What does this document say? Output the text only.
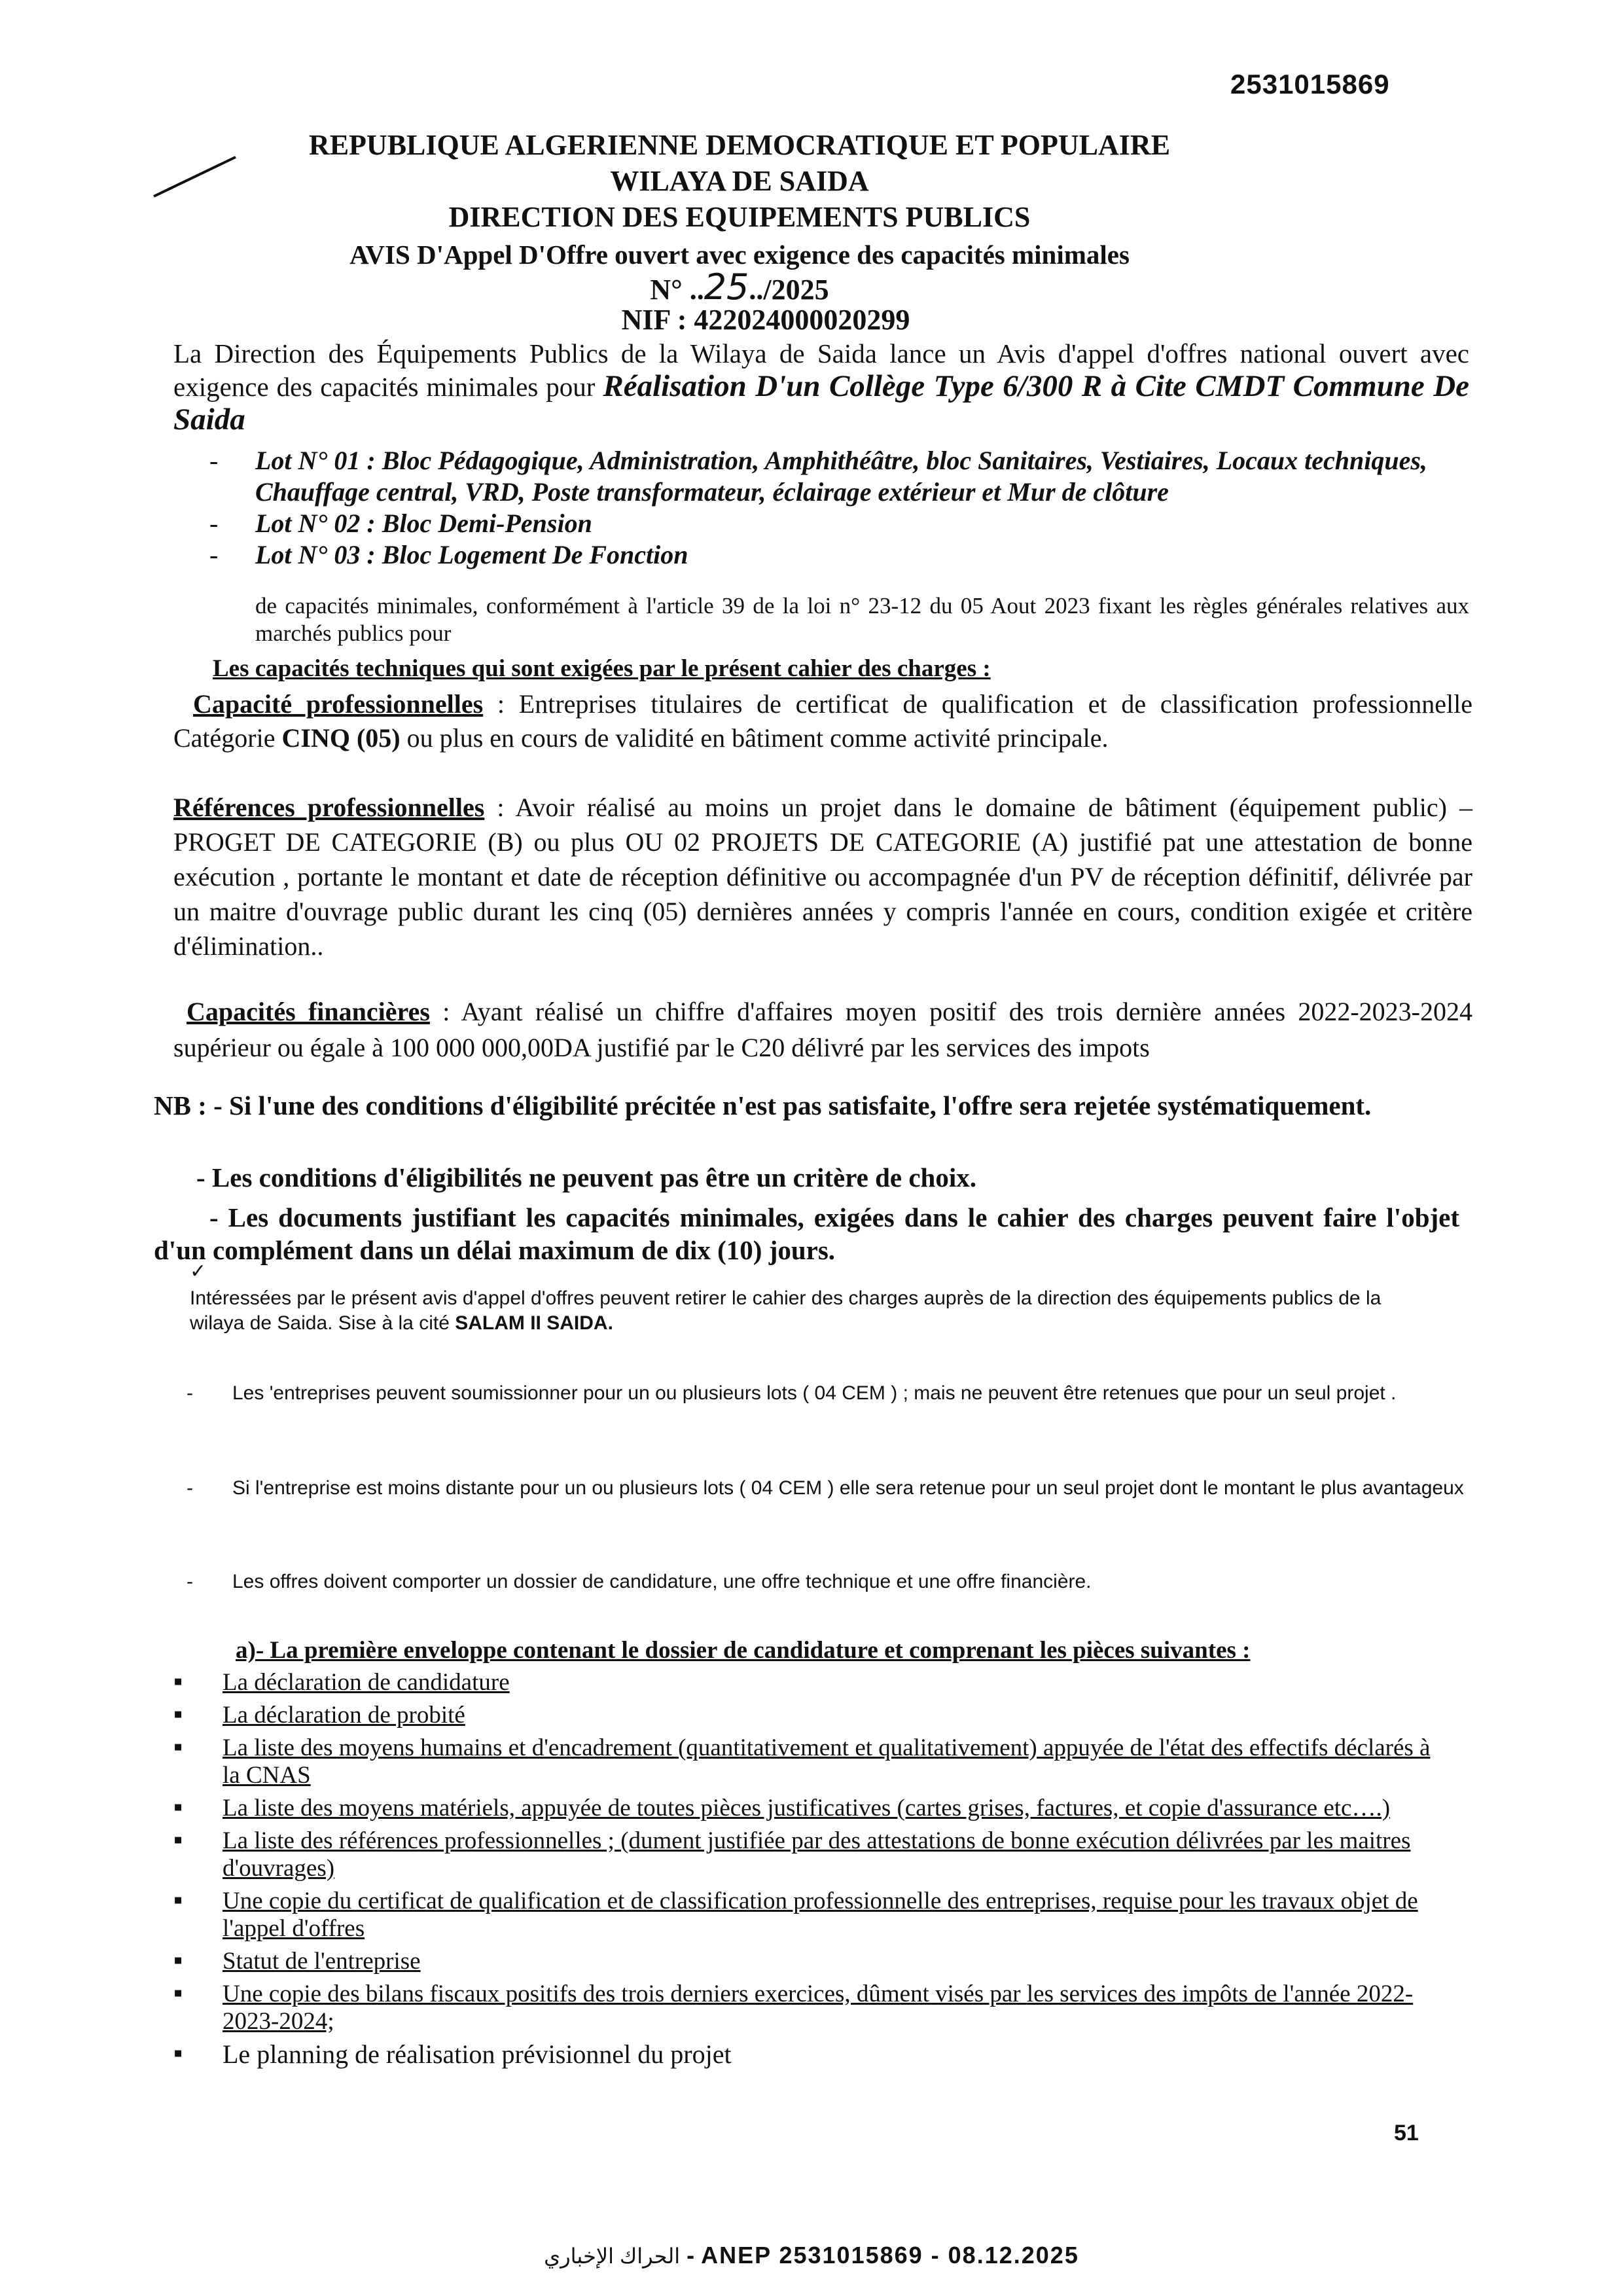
2531015869
REPUBLIQUE ALGERIENNE DEMOCRATIQUE ET POPULAIRE
WILAYA DE SAIDA
DIRECTION DES EQUIPEMENTS PUBLICS
AVIS D'Appel D'Offre ouvert avec exigence des capacités minimales
N° ..25../2025
NIF : 422024000020299
La Direction des Équipements Publics de la Wilaya de Saida lance un Avis d'appel d'offres national ouvert avec exigence des capacités minimales pour Réalisation D'un Collège Type 6/300 R à Cite CMDT Commune De Saida
- Lot N° 01 : Bloc Pédagogique, Administration, Amphithéâtre, bloc Sanitaires, Vestiaires, Locaux techniques, Chauffage central, VRD, Poste transformateur, éclairage extérieur et Mur de clôture
- Lot N° 02 : Bloc Demi-Pension
- Lot N° 03 : Bloc Logement De Fonction
de capacités minimales, conformément à l'article 39 de la loi n° 23-12 du 05 Aout 2023 fixant les règles générales relatives aux marchés publics pour
Les capacités techniques qui sont exigées par le présent cahier des charges :
Capacité professionnelles : Entreprises titulaires de certificat de qualification et de classification professionnelle Catégorie CINQ (05) ou plus en cours de validité en bâtiment comme activité principale.
Références professionnelles : Avoir réalisé au moins un projet dans le domaine de bâtiment (équipement public) – PROGET DE CATEGORIE (B) ou plus OU 02 PROJETS DE CATEGORIE (A) justifié pat une attestation de bonne exécution , portante le montant et date de réception définitive ou accompagnée d'un PV de réception définitif, délivrée par un maitre d'ouvrage public durant les cinq (05) dernières années y compris l'année en cours, condition exigée et critère d'élimination..
Capacités financières : Ayant réalisé un chiffre d'affaires moyen positif des trois dernière années 2022-2023-2024 supérieur ou égale à 100 000 000,00DA justifié par le C20 délivré par les services des impots
NB : - Si l'une des conditions d'éligibilité précitée n'est pas satisfaite, l'offre sera rejetée systématiquement.
- Les conditions d'éligibilités ne peuvent pas être un critère de choix.
- Les documents justifiant les capacités minimales, exigées dans le cahier des charges peuvent faire l'objet d'un complément dans un délai maximum de dix (10) jours.
✓
Intéressées par le présent avis d'appel d'offres peuvent retirer le cahier des charges auprès de la direction des équipements publics de la wilaya de Saida. Sise à la cité SALAM II SAIDA.
- Les 'entreprises peuvent soumissionner pour un ou plusieurs lots ( 04 CEM ) ; mais ne peuvent être retenues que pour un seul projet .
- Si l'entreprise est moins distante pour un ou plusieurs lots ( 04 CEM ) elle sera retenue pour un seul projet dont le montant le plus avantageux
- Les offres doivent comporter un dossier de candidature, une offre technique et une offre financière.
a)- La première enveloppe contenant le dossier de candidature et comprenant les pièces suivantes :
▪ La déclaration de candidature
▪ La déclaration de probité
▪ La liste des moyens humains et d'encadrement (quantitativement et qualitativement) appuyée de l'état des effectifs déclarés à la CNAS
▪ La liste des moyens matériels, appuyée de toutes pièces justificatives (cartes grises, factures, et copie d'assurance etc….)
▪ La liste des références professionnelles ; (dument justifiée par des attestations de bonne exécution délivrées par les maitres d'ouvrages)
▪ Une copie du certificat de qualification et de classification professionnelle des entreprises, requise pour les travaux objet de l'appel d'offres
▪ Statut de l'entreprise
▪ Une copie des bilans fiscaux positifs des trois derniers exercices, dûment visés par les services des impôts de l'année 2022-2023-2024;
▪ Le planning de réalisation prévisionnel du projet
51
الحراك الإخباري - ANEP 2531015869 - 08.12.2025
